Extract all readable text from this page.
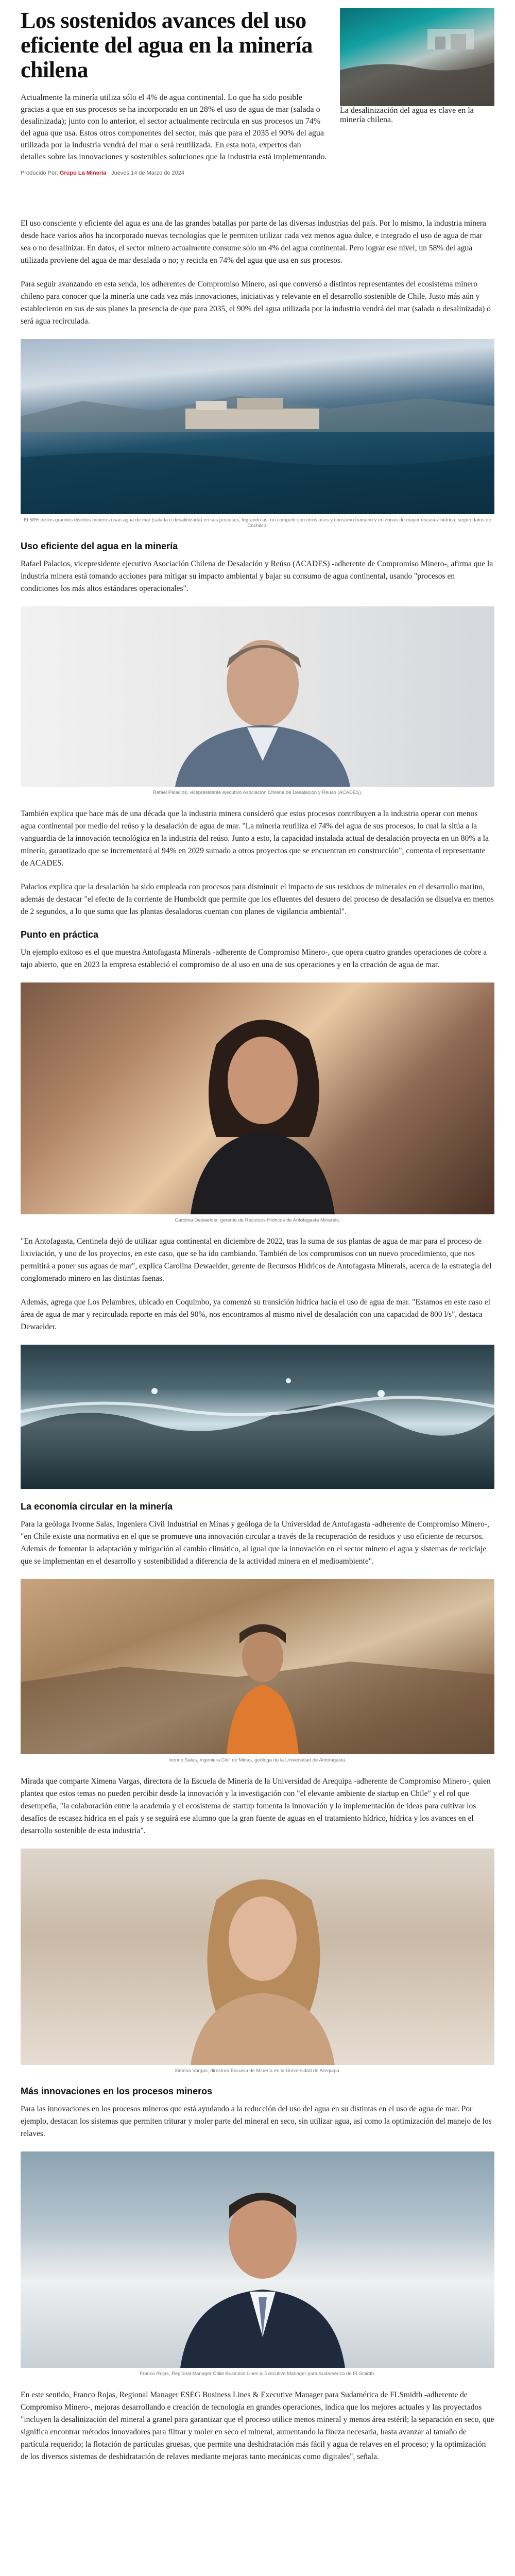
Los sostenidos avances del uso eficiente del agua en la minería chilena

Actualmente la minería utiliza sólo el 4% de agua continental. Lo que ha sido posible gracias a que en sus procesos se ha incorporado en un 28% el uso de agua de mar (salada o desalinizada); junto con lo anterior, el sector actualmente recircula en sus procesos un 74% del agua que usa. Estos otros componentes del sector, más que para el 2035 el 90% del agua utilizada por la industria vendrá del mar o será reutilizada. En esta nota, expertos dan detalles sobre las innovaciones y sostenibles soluciones que la industria está implementando.

Producido Por: Grupo La Minería · Jueves 14 de Marzo de 2024
La desalinización del agua es clave en la minería chilena.

El uso consciente y eficiente del agua es una de las grandes batallas por parte de las diversas industrias del país. Por lo mismo, la industria minera desde hace varios años ha incorporado nuevas tecnologías que le permiten utilizar cada vez menos agua dulce, e integrado el uso de agua de mar sea o no desalinizar. En datos, el sector minero actualmente consume sólo un 4% del agua continental. Pero lograr ese nivel, un 58% del agua utilizada proviene del agua de mar desalada o no; y recicla en 74% del agua que usa en sus procesos.

Para seguir avanzando en esta senda, los adherentes de Compromiso Minero, así que conversó a distintos representantes del ecosistema minero chileno para conocer que la minería une cada vez más innovaciones, iniciativas y relevante en el desarrollo sostenible de Chile. Justo más aún y establecieron en sus de sus planes la presencia de que para 2035, el 90% del agua utilizada por la industria vendrá del mar (salada o desalinizada) o será agua recirculada.

El 58% de los grandes distritos mineros usan agua de mar (salada o desalinizada) en sus procesos, logrando así no competir con otros usos y consumo humano y en zonas de mayor escasez hídrica, según datos de Cochilco.
Uso eficiente del agua en la minería

Rafael Palacios, vicepresidente ejecutivo Asociación Chilena de Desalación y Reúso (ACADES) -adherente de Compromiso Minero-, afirma que la industria minera está tomando acciones para mitigar su impacto ambiental y bajar su consumo de agua continental, usando "procesos en condiciones los más altos estándares operacionales".

Rafael Palacios, vicepresidente ejecutivo Asociación Chilena de Desalación y Reúso (ACADES).

También explica que hace más de una década que la industria minera consideró que estos procesos contribuyen a la industria operar con menos agua continental por medio del reúso y la desalación de agua de mar. "La minería reutiliza el 74% del agua de sus procesos, lo cual la sitúa a la vanguardia de la innovación tecnológica en la industria del reúso. Junto a esto, la capacidad instalada actual de desalación proyecta en un 80% a la minería, garantizado que se incrementará al 94% en 2029 sumado a otros proyectos que se encuentran en construcción", comenta el representante de ACADES.

Palacios explica que la desalación ha sido empleada con procesos para disminuir el impacto de sus residuos de minerales en el desarrollo marino, además de destacar "el efecto de la corriente de Humboldt que permite que los efluentes del desuero del proceso de desalación se disuelva en menos de 2 segundos, a lo que suma que las plantas desaladoras cuentan con planes de vigilancia ambiental".

Punto en práctica

Un ejemplo exitoso es el que muestra Antofagasta Minerals -adherente de Compromiso Minero-, que opera cuatro grandes operaciones de cobre a tajo abierto, que en 2023 la empresa estableció el compromiso de al uso en una de sus operaciones y en la creación de agua de mar.

Carolina Dewaelder, gerente de Recursos Hídricos de Antofagasta Minerals.

"En Antofagasta, Centinela dejó de utilizar agua continental en diciembre de 2022, tras la suma de sus plantas de agua de mar para el proceso de lixiviación, y uno de los proyectos, en este caso, que se ha ido cambiando. También de los compromisos con un nuevo procedimiento, que nos permitirá a poner sus aguas de mar", explica Carolina Dewaelder, gerente de Recursos Hídricos de Antofagasta Minerals, acerca de la estrategia del conglomerado minero en las distintas faenas.

Además, agrega que Los Pelambres, ubicado en Coquimbo, ya comenzó su transición hídrica hacia el uso de agua de mar. "Estamos en este caso el área de agua de mar y recirculada reporte en más del 90%, nos encontramos al mismo nivel de desalación con una capacidad de 800 l/s", destaca Dewaelder.

La economía circular en la minería

Para la geóloga Ivonne Salas, Ingeniera Civil Industrial en Minas y geóloga de la Universidad de Antofagasta -adherente de Compromiso Minero-, "en Chile existe una normativa en el que se promueve una innovación circular a través de la recuperación de residuos y uso eficiente de recursos. Además de fomentar la adaptación y mitigación al cambio climático, al igual que la innovación en el sector minero el agua y sistemas de reciclaje que se implementan en el desarrollo y sostenibilidad a diferencia de la actividad minera en el medioambiente".

Ivonne Salas, Ingeniera Civil de Minas, geóloga de la Universidad de Antofagasta.

Mirada que comparte Ximena Vargas, directora de la Escuela de Minería de la Universidad de Arequipa -adherente de Compromiso Minero-, quien plantea que estos temas no pueden percibir desde la innovación y la investigación con "el elevante ambiente de startup en Chile" y el rol que desempeña, "la colaboración entre la academia y el ecosistema de startup fomenta la innovación y la implementación de ideas para cultivar los desafíos de escasez hídrica en el país y se seguirá ese alumno que la gran fuente de aguas en el tratamiento hídrico, hídrica y los avances en el desarrollo sostenible de esta industria".

Ximena Vargas, directora Escuela de Minería en la Universidad de Arequipa.
Más innovaciones en los procesos mineros

Para las innovaciones en los procesos mineros que está ayudando a la reducción del uso del agua en su distintas en el uso de agua de mar. Por ejemplo, destacan los sistemas que permiten triturar y moler parte del mineral en seco, sin utilizar agua, así como la optimización del manejo de los relaves.

Franco Rojas, Regional Manager Chile Business Lines & Executive Manager para Sudamérica de FLSmidth.

En este sentido, Franco Rojas, Regional Manager ESEG Business Lines & Executive Manager para Sudamérica de FLSmidth -adherente de Compromiso Minero-, mejoras desarrollando e creación de tecnología en grandes operaciones, indica que los mejores actuales y las proyectados "incluyen la desalinización del mineral a granel para garantizar que el proceso utilice menos mineral y menos área estéril; la separación en seco, que significa encontrar métodos innovadores para filtrar y moler en seco el mineral, aumentando la fineza necesaria, hasta avanzar al tamaño de partícula requerido; la flotación de partículas gruesas, que permite una deshidratación más fácil y agua de relaves en el proceso; y la optimización de los diversos sistemas de deshidratación de relaves mediante mejoras tanto mecánicas como digitales", señala.
